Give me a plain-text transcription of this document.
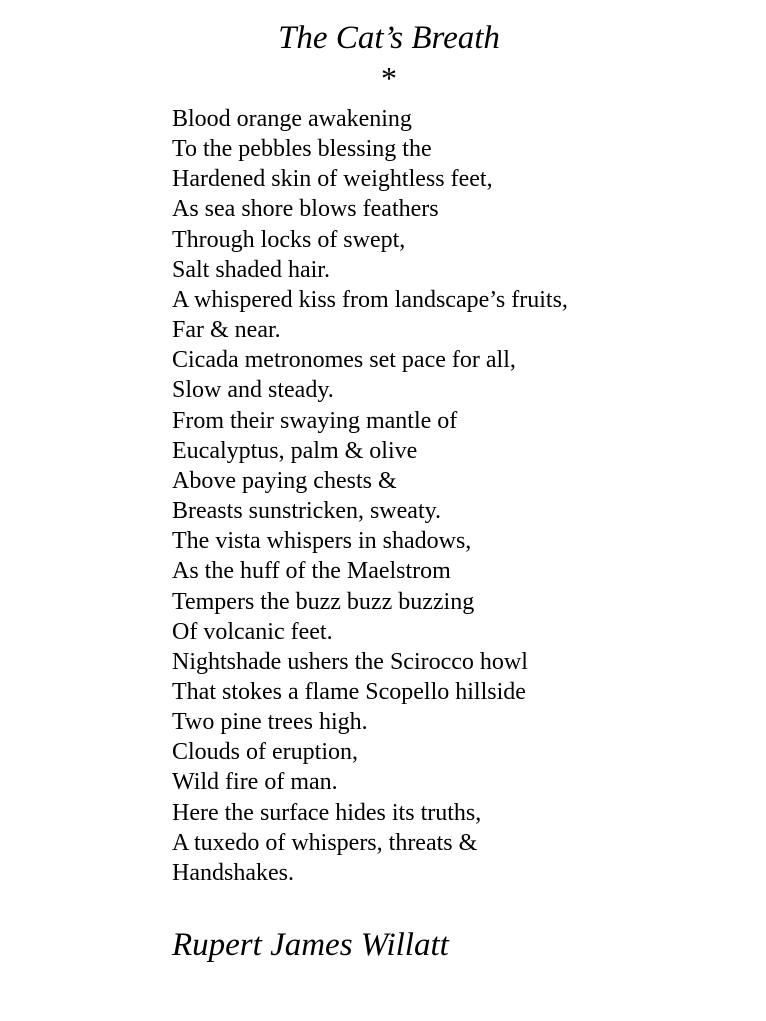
The Cat’s Breath
*
Blood orange awakening
To the pebbles blessing the
Hardened skin of weightless feet,
As sea shore blows feathers
Through locks of swept,
Salt shaded hair.
A whispered kiss from landscape’s fruits,
Far & near.
Cicada metronomes set pace for all,
Slow and steady.
From their swaying mantle of
Eucalyptus, palm & olive
Above paying chests &
Breasts sunstricken, sweaty.
The vista whispers in shadows,
As the huff of the Maelstrom
Tempers the buzz buzz buzzing
Of volcanic feet.
Nightshade ushers the Scirocco howl
That stokes a flame Scopello hillside
Two pine trees high.
Clouds of eruption,
Wild fire of man.
Here the surface hides its truths,
A tuxedo of whispers, threats &
Handshakes.
Rupert James Willatt
